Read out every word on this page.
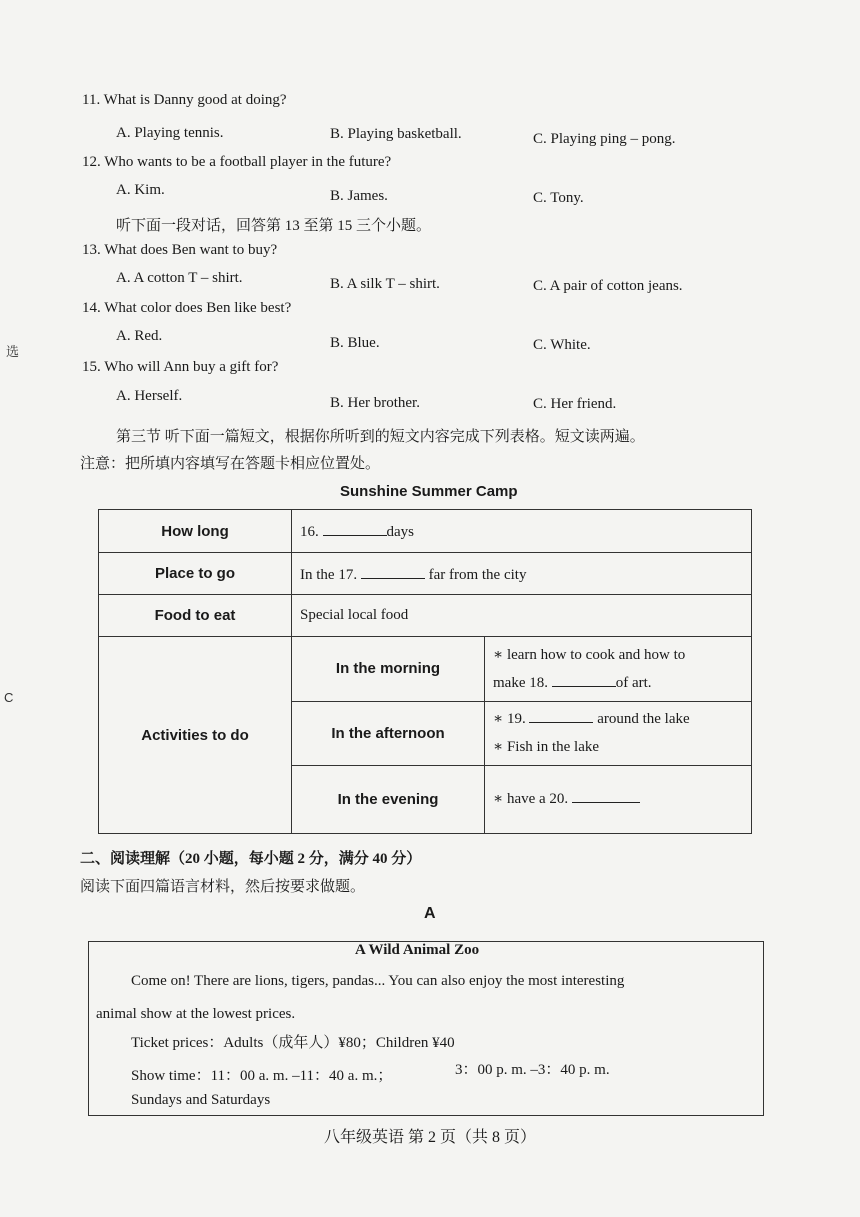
选
C
11. What is Danny good at doing?
A. Playing tennis.	B. Playing basketball.	C. Playing ping – pong.
12. Who wants to be a football player in the future?
A. Kim.	B. James.	C. Tony.
听下面一段对话，回答第 13 至第 15 三个小题。
13. What does Ben want to buy?
A. A cotton T – shirt.	B. A silk T – shirt.	C. A pair of cotton jeans.
14. What color does Ben like best?
A. Red.	B. Blue.	C. White.
15. Who will Ann buy a gift for?
A. Herself.	B. Her brother.	C. Her friend.
第三节 听下面一篇短文，根据你所听到的短文内容完成下列表格。短文读两遍。
注意：把所填内容填写在答题卡相应位置处。
Sunshine Summer Camp
How long	16. days	
Place to go	In the 17. far from the city	
Food to eat	Special local food	
Activities to do	In the morning	∗ learn how to cook and how to
make 18. of art.

	In the afternoon	∗ 19. around the lake
∗ Fish in the lake

	In the evening	∗ have a 20.
二、阅读理解（20 小题，每小题 2 分，满分 40 分）
阅读下面四篇语言材料，然后按要求做题。
A
A Wild Animal Zoo
Come on! There are lions, tigers, pandas... You can also enjoy the most interesting
animal show at the lowest prices.
Ticket prices：Adults（成年人）¥80；Children ¥40
Show time：11：00 a. m. –11：40 a. m.；	3：00 p. m. –3：40 p. m.
Sundays and Saturdays
八年级英语 第 2 页（共 8 页）
